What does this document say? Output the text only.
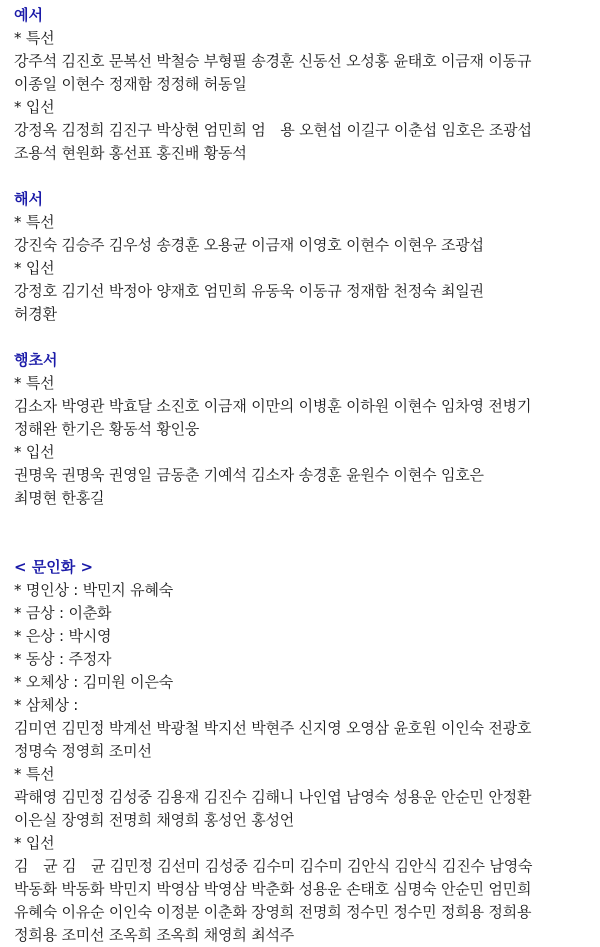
예서
* 특선
강주석 김진호 문복선 박철승 부형필 송경훈 신동선 오성홍 윤태호 이금재 이동규
이종일 이현수 정재함 정정해 허동일
* 입선
강정옥 김정희 김진구 박상현 엄민희 엄　용 오현섭 이길구 이춘섭 임호은 조광섭
조용석 현원화 홍선표 홍진배 황동석
해서
* 특선
강진숙 김승주 김우성 송경훈 오용균 이금재 이영호 이현수 이현우 조광섭
* 입선
강정호 김기선 박정아 양재호 엄민희 유동욱 이동규 정재함 천정숙 최일권
허경환
행초서
* 특선
김소자 박영관 박효달 소진호 이금재 이만의 이병훈 이하원 이현수 임차영 전병기
정해완 한기은 황동석 황인웅
* 입선
권명욱 권명욱 권영일 금동춘 기예석 김소자 송경훈 윤원수 이현수 임호은
최명현 한홍길
< 문인화 >
* 명인상 : 박민지 유혜숙
* 금상 : 이춘화
* 은상 : 박시영
* 동상 : 주정자
* 오체상 : 김미원 이은숙
* 삼체상 :
김미연 김민정 박계선 박광철 박지선 박현주 신지영 오영삼 윤호원 이인숙 전광호
정명숙 정영희 조미선
* 특선
곽해영 김민정 김성중 김용재 김진수 김해니 나인엽 남영숙 성용운 안순민 안정환
이은실 장영희 전명희 채영희 홍성언 홍성언
* 입선
김　균 김　균 김민정 김선미 김성중 김수미 김수미 김안식 김안식 김진수 남영숙
박동화 박동화 박민지 박영삼 박영삼 박춘화 성용운 손태호 심명숙 안순민 엄민희
유혜숙 이유순 이인숙 이정분 이춘화 장영희 전명희 정수민 정수민 정희용 정희용
정희용 조미선 조옥희 조옥희 채영희 최석주
